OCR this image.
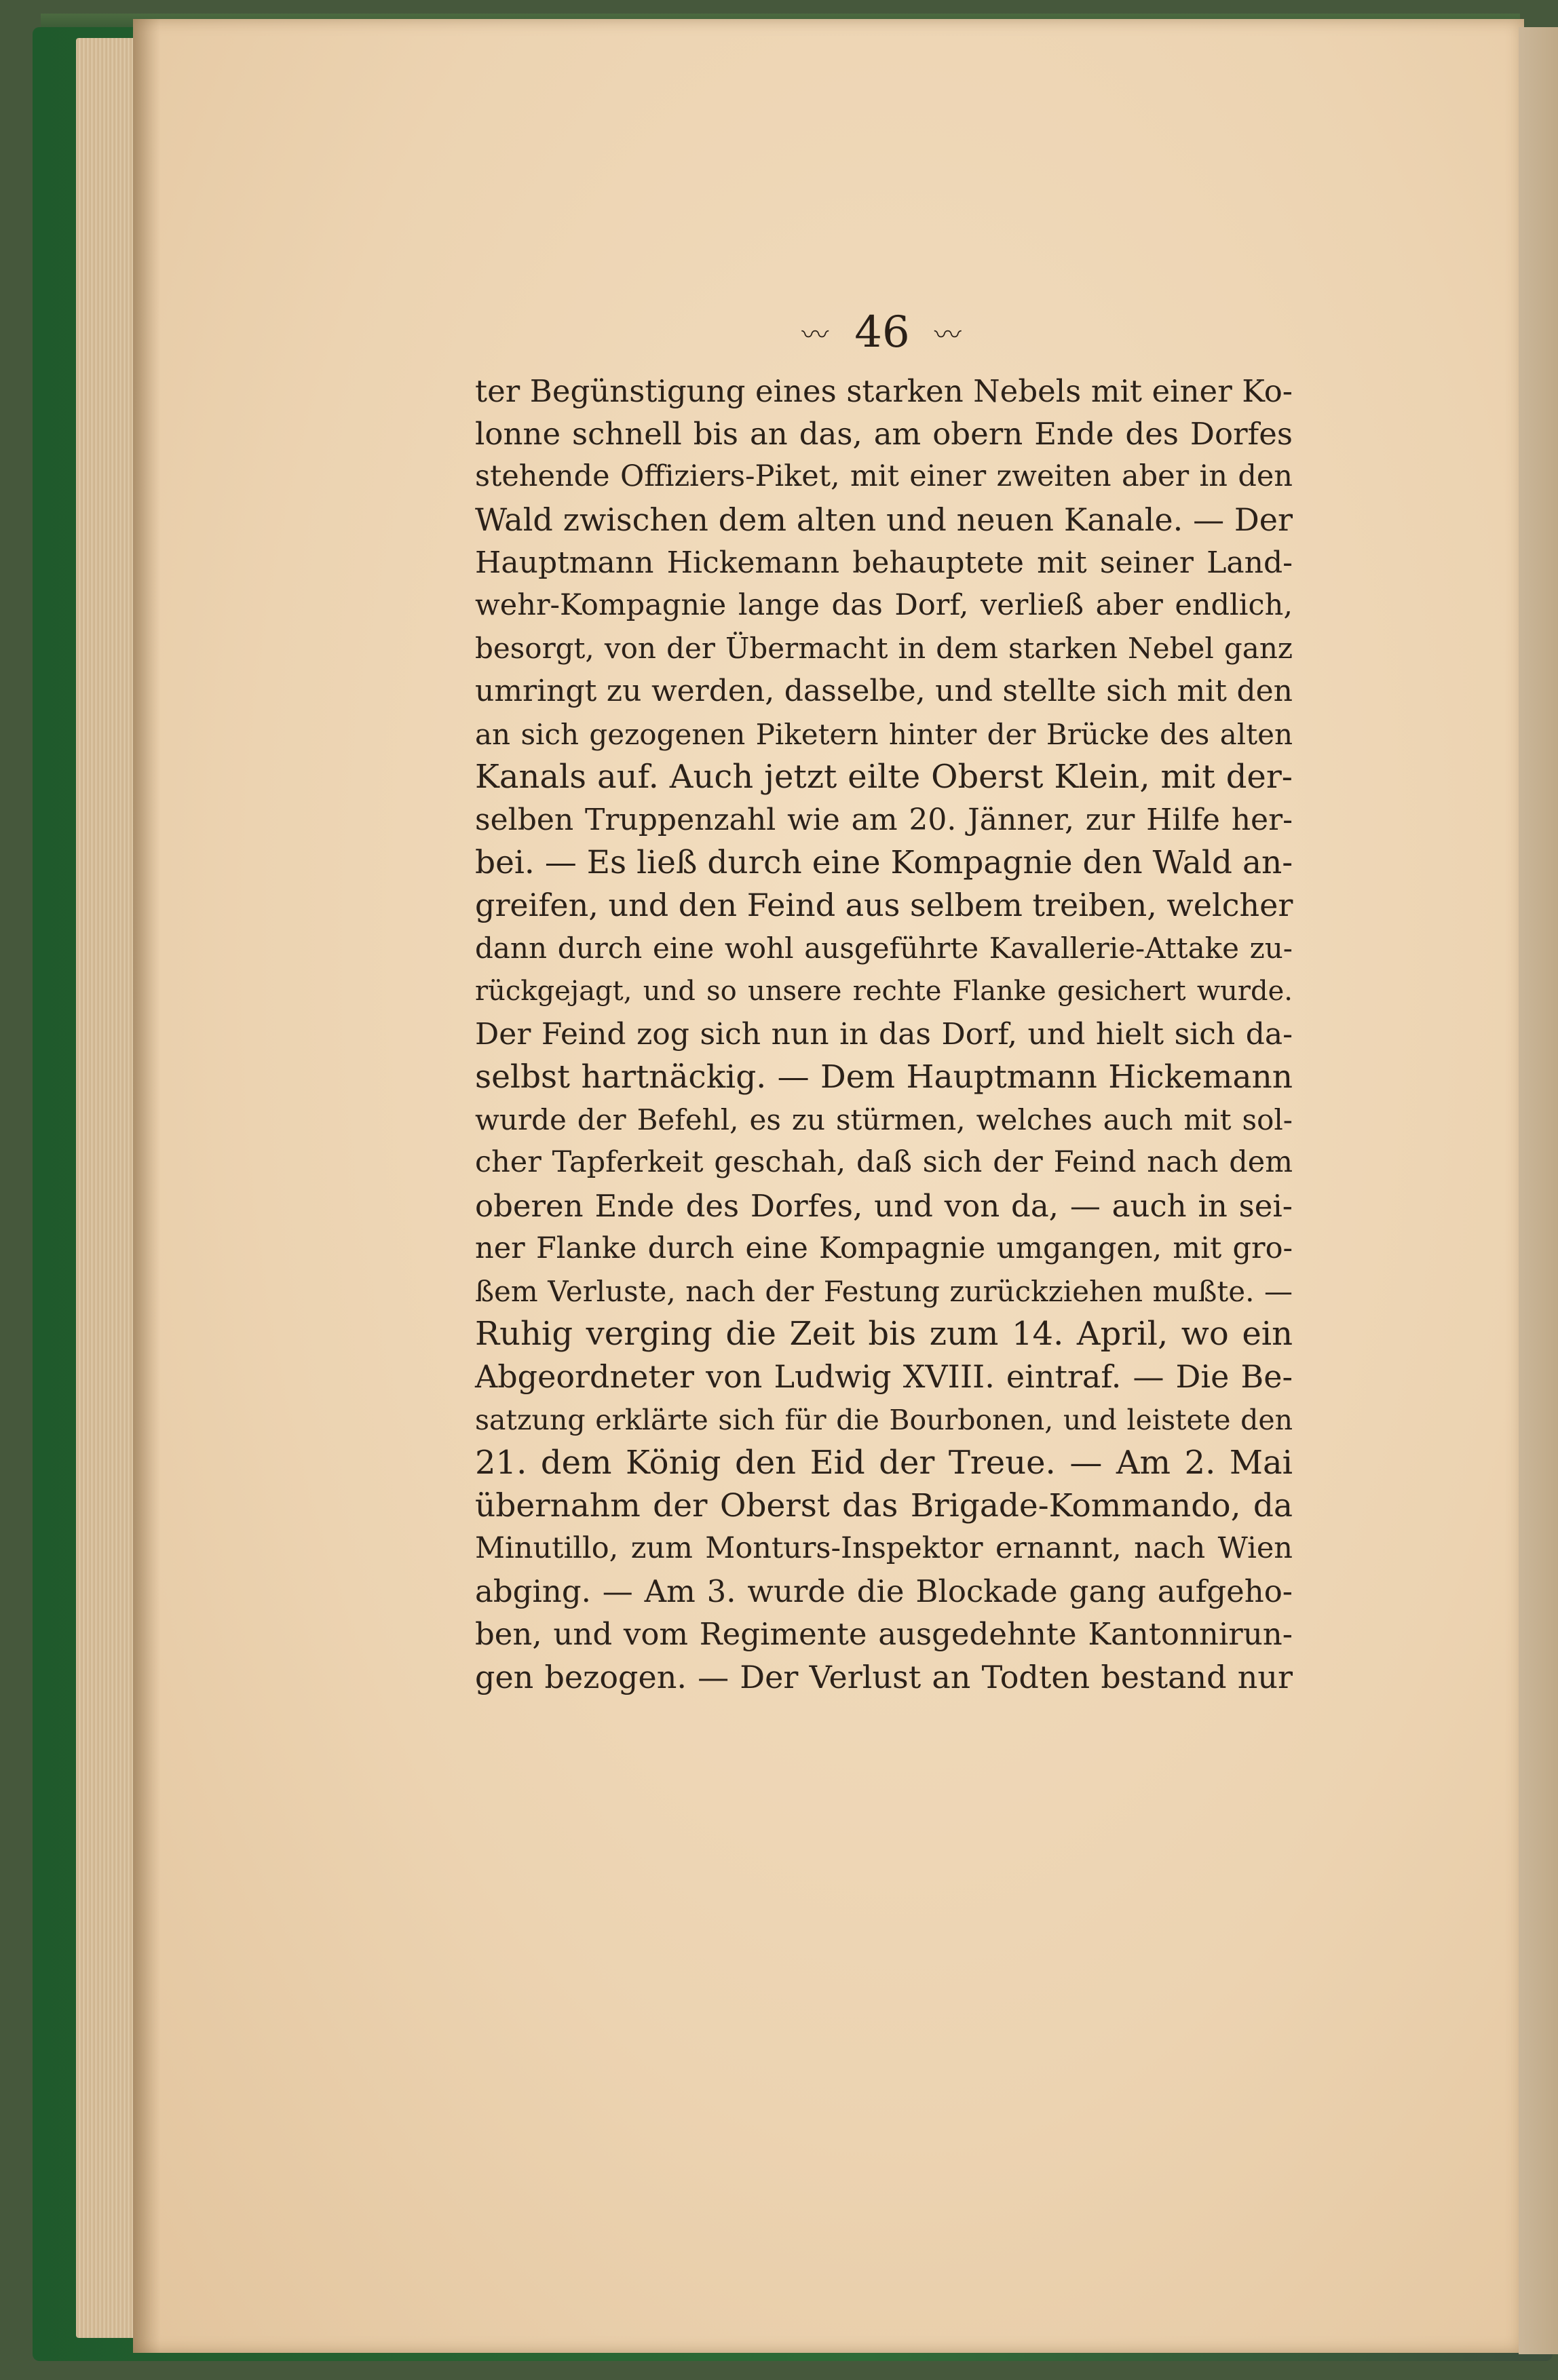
〰 46 〰
ter Begünstigung eines starken Nebels mit einer Ko-
lonne schnell bis an das, am obern Ende des Dorfes
stehende Offiziers-Piket, mit einer zweiten aber in den
Wald zwischen dem alten und neuen Kanale. — Der
Hauptmann Hickemann behauptete mit seiner Land-
wehr-Kompagnie lange das Dorf, verließ aber endlich,
besorgt, von der Übermacht in dem starken Nebel ganz
umringt zu werden, dasselbe, und stellte sich mit den
an sich gezogenen Piketern hinter der Brücke des alten
Kanals auf. Auch jetzt eilte Oberst Klein, mit der-
selben Truppenzahl wie am 20. Jänner, zur Hilfe her-
bei. — Es ließ durch eine Kompagnie den Wald an-
greifen, und den Feind aus selbem treiben, welcher
dann durch eine wohl ausgeführte Kavallerie-Attake zu-
rückgejagt, und so unsere rechte Flanke gesichert wurde.
Der Feind zog sich nun in das Dorf, und hielt sich da-
selbst hartnäckig. — Dem Hauptmann Hickemann
wurde der Befehl, es zu stürmen, welches auch mit sol-
cher Tapferkeit geschah, daß sich der Feind nach dem
oberen Ende des Dorfes, und von da, — auch in sei-
ner Flanke durch eine Kompagnie umgangen, mit gro-
ßem Verluste, nach der Festung zurückziehen mußte. —
Ruhig verging die Zeit bis zum 14. April, wo ein
Abgeordneter von Ludwig XVIII. eintraf. — Die Be-
satzung erklärte sich für die Bourbonen, und leistete den
21. dem König den Eid der Treue. — Am 2. Mai
übernahm der Oberst das Brigade-Kommando, da
Minutillo, zum Monturs-Inspektor ernannt, nach Wien
abging. — Am 3. wurde die Blockade gang aufgeho-
ben, und vom Regimente ausgedehnte Kantonnirun-
gen bezogen. — Der Verlust an Todten bestand nur
